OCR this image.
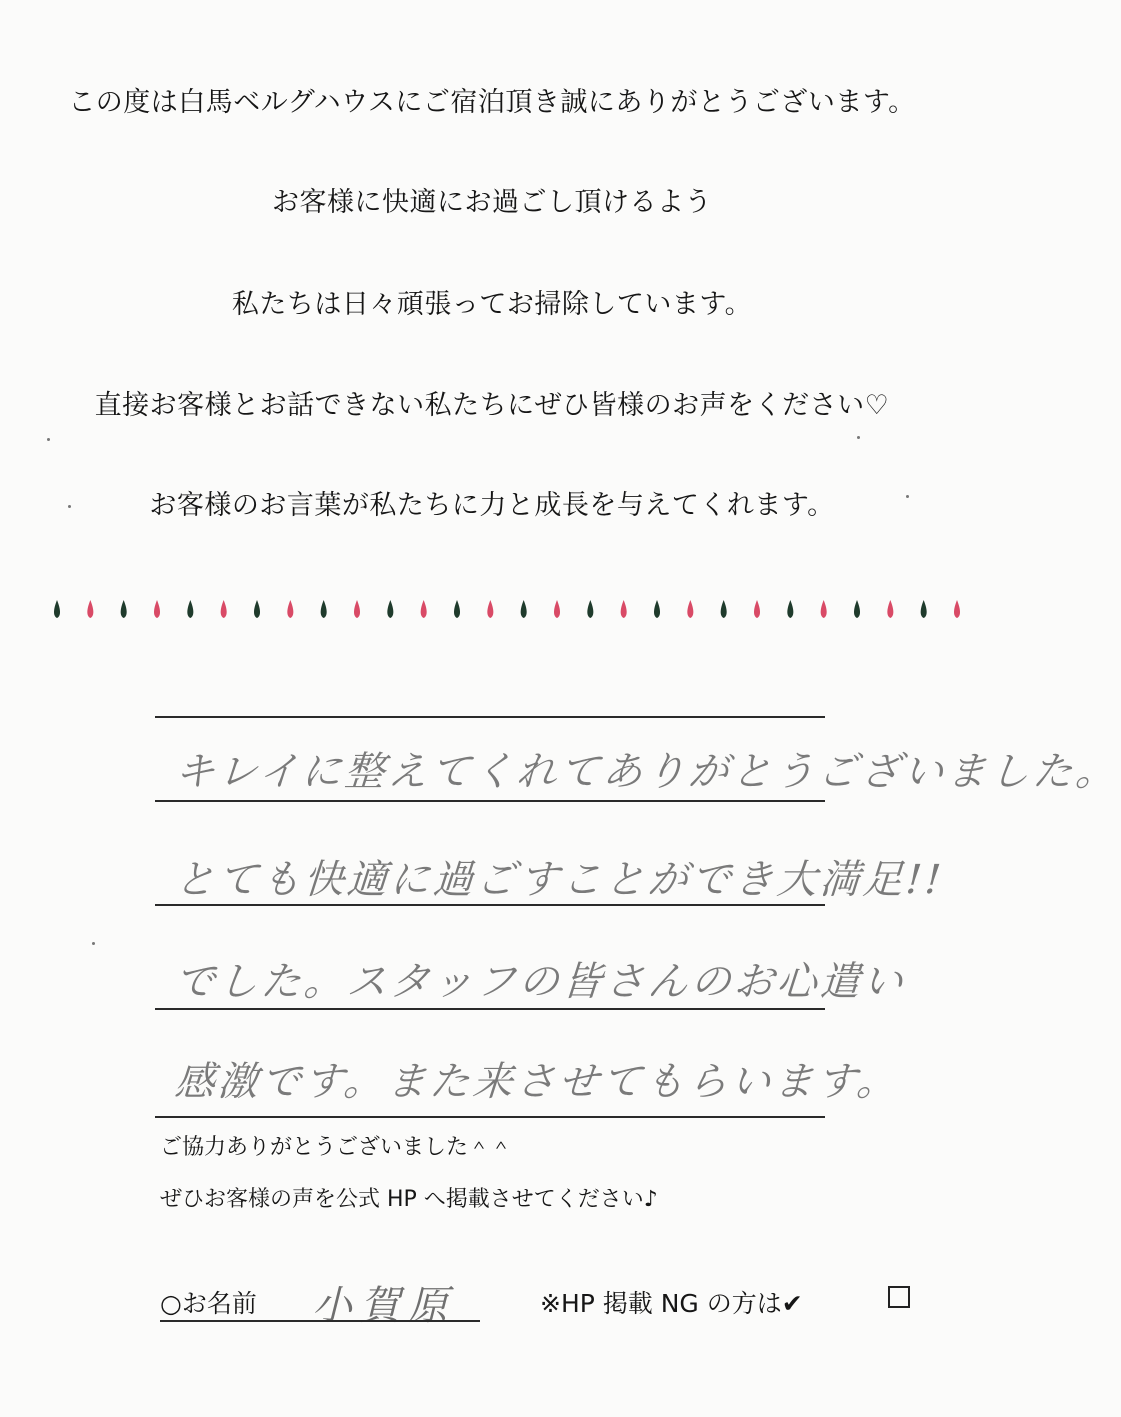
この度は白馬ベルグハウスにご宿泊頂き誠にありがとうございます。
お客様に快適にお過ごし頂けるよう
私たちは日々頑張ってお掃除しています。
直接お客様とお話できない私たちにぜひ皆様のお声をください♡
お客様のお言葉が私たちに力と成長を与えてくれます。
キレイに整えてくれてありがとうございました。
とても快適に過ごすことができ大満足!!
でした。スタッフの皆さんのお心遣い
感激です。また来させてもらいます。
ご協力ありがとうございました＾＾
ぜひお客様の声を公式 HP へ掲載させてください♪
○お名前 小賀原	※HP 掲載 NG の方は✔
